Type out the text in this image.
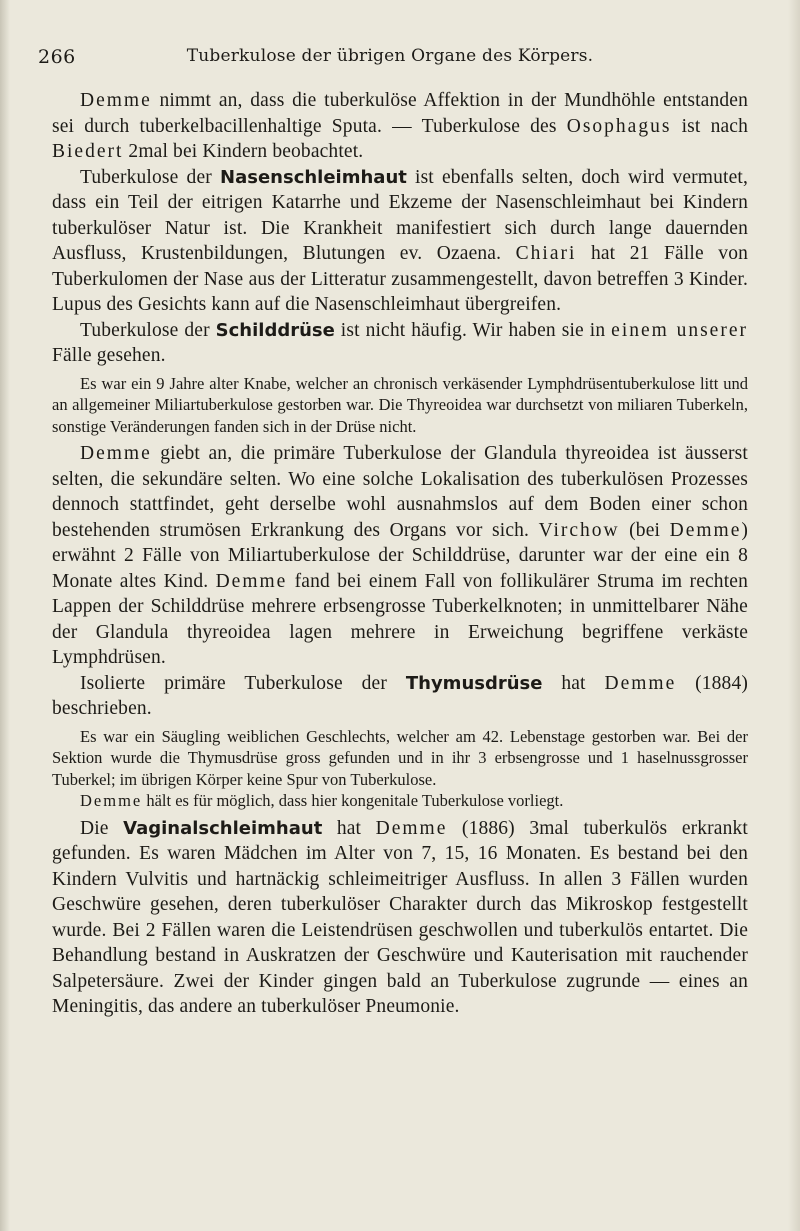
266	Tuberkulose der übrigen Organe des Körpers.

Demme nimmt an, dass die tuberkulöse Affektion in der Mundhöhle entstanden sei durch tuberkelbacillenhaltige Sputa. — Tuberkulose des Osophagus ist nach Biedert 2mal bei Kindern beobachtet.

Tuberkulose der Nasenschleimhaut ist ebenfalls selten, doch wird vermutet, dass ein Teil der eitrigen Katarrhe und Ekzeme der Nasenschleimhaut bei Kindern tuberkulöser Natur ist. Die Krankheit manifestiert sich durch lange dauernden Ausfluss, Krustenbildungen, Blutungen ev. Ozaena. Chiari hat 21 Fälle von Tuberkulomen der Nase aus der Litteratur zusammengestellt, davon betreffen 3 Kinder. Lupus des Gesichts kann auf die Nasenschleimhaut übergreifen.

Tuberkulose der Schilddrüse ist nicht häufig. Wir haben sie in einem unserer Fälle gesehen.

Es war ein 9 Jahre alter Knabe, welcher an chronisch verkäsender Lymphdrüsentuberkulose litt und an allgemeiner Miliartuberkulose gestorben war. Die Thyreoidea war durchsetzt von miliaren Tuberkeln, sonstige Veränderungen fanden sich in der Drüse nicht.

Demme giebt an, die primäre Tuberkulose der Glandula thyreoidea ist äusserst selten, die sekundäre selten. Wo eine solche Lokalisation des tuberkulösen Prozesses dennoch stattfindet, geht derselbe wohl ausnahmslos auf dem Boden einer schon bestehenden strumösen Erkrankung des Organs vor sich. Virchow (bei Demme) erwähnt 2 Fälle von Miliartuberkulose der Schilddrüse, darunter war der eine ein 8 Monate altes Kind. Demme fand bei einem Fall von follikulärer Struma im rechten Lappen der Schilddrüse mehrere erbsengrosse Tuberkelknoten; in unmittelbarer Nähe der Glandula thyreoidea lagen mehrere in Erweichung begriffene verkäste Lymphdrüsen.

Isolierte primäre Tuberkulose der Thymusdrüse hat Demme (1884) beschrieben.

Es war ein Säugling weiblichen Geschlechts, welcher am 42. Lebenstage gestorben war. Bei der Sektion wurde die Thymusdrüse gross gefunden und in ihr 3 erbsengrosse und 1 haselnussgrosser Tuberkel; im übrigen Körper keine Spur von Tuberkulose.

Demme hält es für möglich, dass hier kongenitale Tuberkulose vorliegt.

Die Vaginalschleimhaut hat Demme (1886) 3mal tuberkulös erkrankt gefunden. Es waren Mädchen im Alter von 7, 15, 16 Monaten. Es bestand bei den Kindern Vulvitis und hartnäckig schleimeitriger Ausfluss. In allen 3 Fällen wurden Geschwüre gesehen, deren tuberkulöser Charakter durch das Mikroskop festgestellt wurde. Bei 2 Fällen waren die Leistendrüsen geschwollen und tuberkulös entartet. Die Behandlung bestand in Auskratzen der Geschwüre und Kauterisation mit rauchender Salpetersäure. Zwei der Kinder gingen bald an Tuberkulose zugrunde — eines an Meningitis, das andere an tuberkulöser Pneumonie.
